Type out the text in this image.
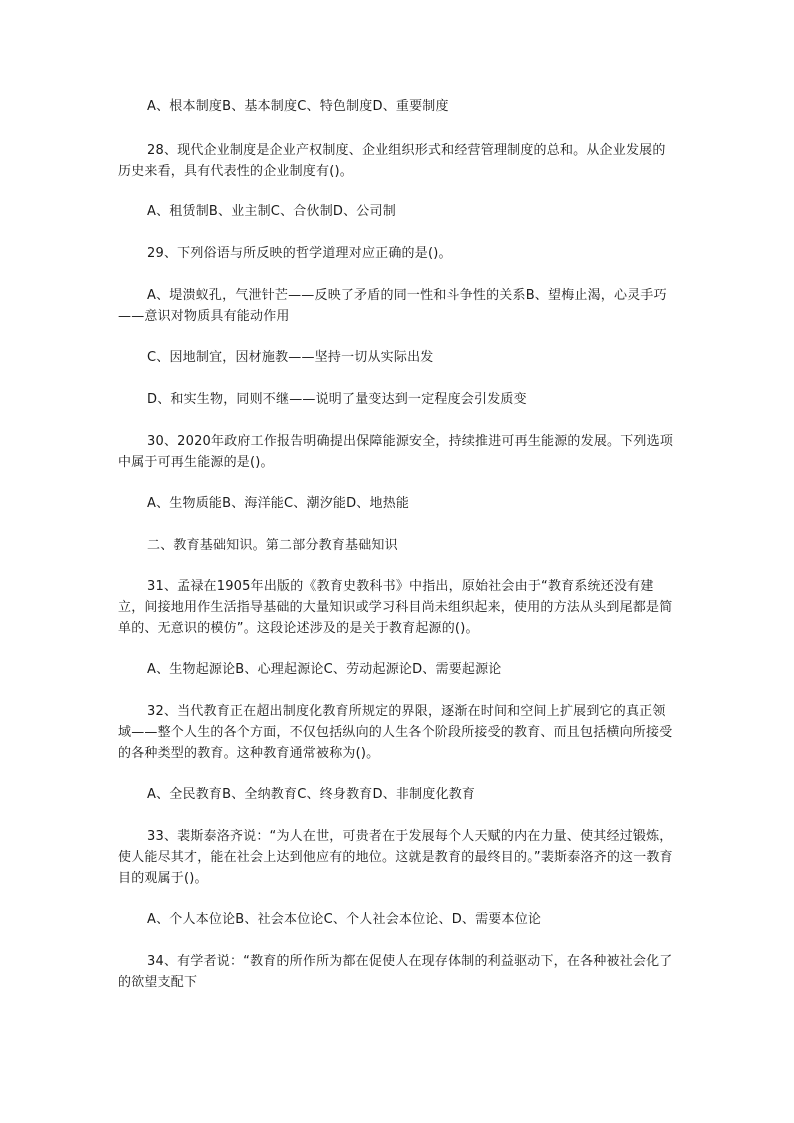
A、根本制度B、基本制度C、特色制度D、重要制度

28、现代企业制度是企业产权制度、企业组织形式和经营管理制度的总和。从企业发展的历史来看，具有代表性的企业制度有()。

A、租赁制B、业主制C、合伙制D、公司制

29、下列俗语与所反映的哲学道理对应正确的是()。

A、堤溃蚁孔，气泄针芒——反映了矛盾的同一性和斗争性的关系B、望梅止渴，心灵手巧——意识对物质具有能动作用

C、因地制宜，因材施教——坚持一切从实际出发

D、和实生物，同则不继——说明了量变达到一定程度会引发质变

30、2020年政府工作报告明确提出保障能源安全，持续推进可再生能源的发展。下列选项中属于可再生能源的是()。

A、生物质能B、海洋能C、潮汐能D、地热能

二、教育基础知识。第二部分教育基础知识

31、孟禄在1905年出版的《教育史教科书》中指出，原始社会由于“教育系统还没有建立，间接地用作生活指导基础的大量知识或学习科目尚未组织起来，使用的方法从头到尾都是简单的、无意识的模仿”。这段论述涉及的是关于教育起源的()。

A、生物起源论B、心理起源论C、劳动起源论D、需要起源论

32、当代教育正在超出制度化教育所规定的界限，逐渐在时间和空间上扩展到它的真正领域——整个人生的各个方面，不仅包括纵向的人生各个阶段所接受的教育、而且包括横向所接受的各种类型的教育。这种教育通常被称为()。

A、全民教育B、全纳教育C、终身教育D、非制度化教育

33、裴斯泰洛齐说：“为人在世，可贵者在于发展每个人天赋的内在力量、使其经过锻炼，使人能尽其才，能在社会上达到他应有的地位。这就是教育的最终目的。”裴斯泰洛齐的这一教育目的观属于()。

A、个人本位论B、社会本位论C、个人社会本位论、D、需要本位论

34、有学者说：“教育的所作所为都在促使人在现存体制的利益驱动下，在各种被社会化了的欲望支配下
